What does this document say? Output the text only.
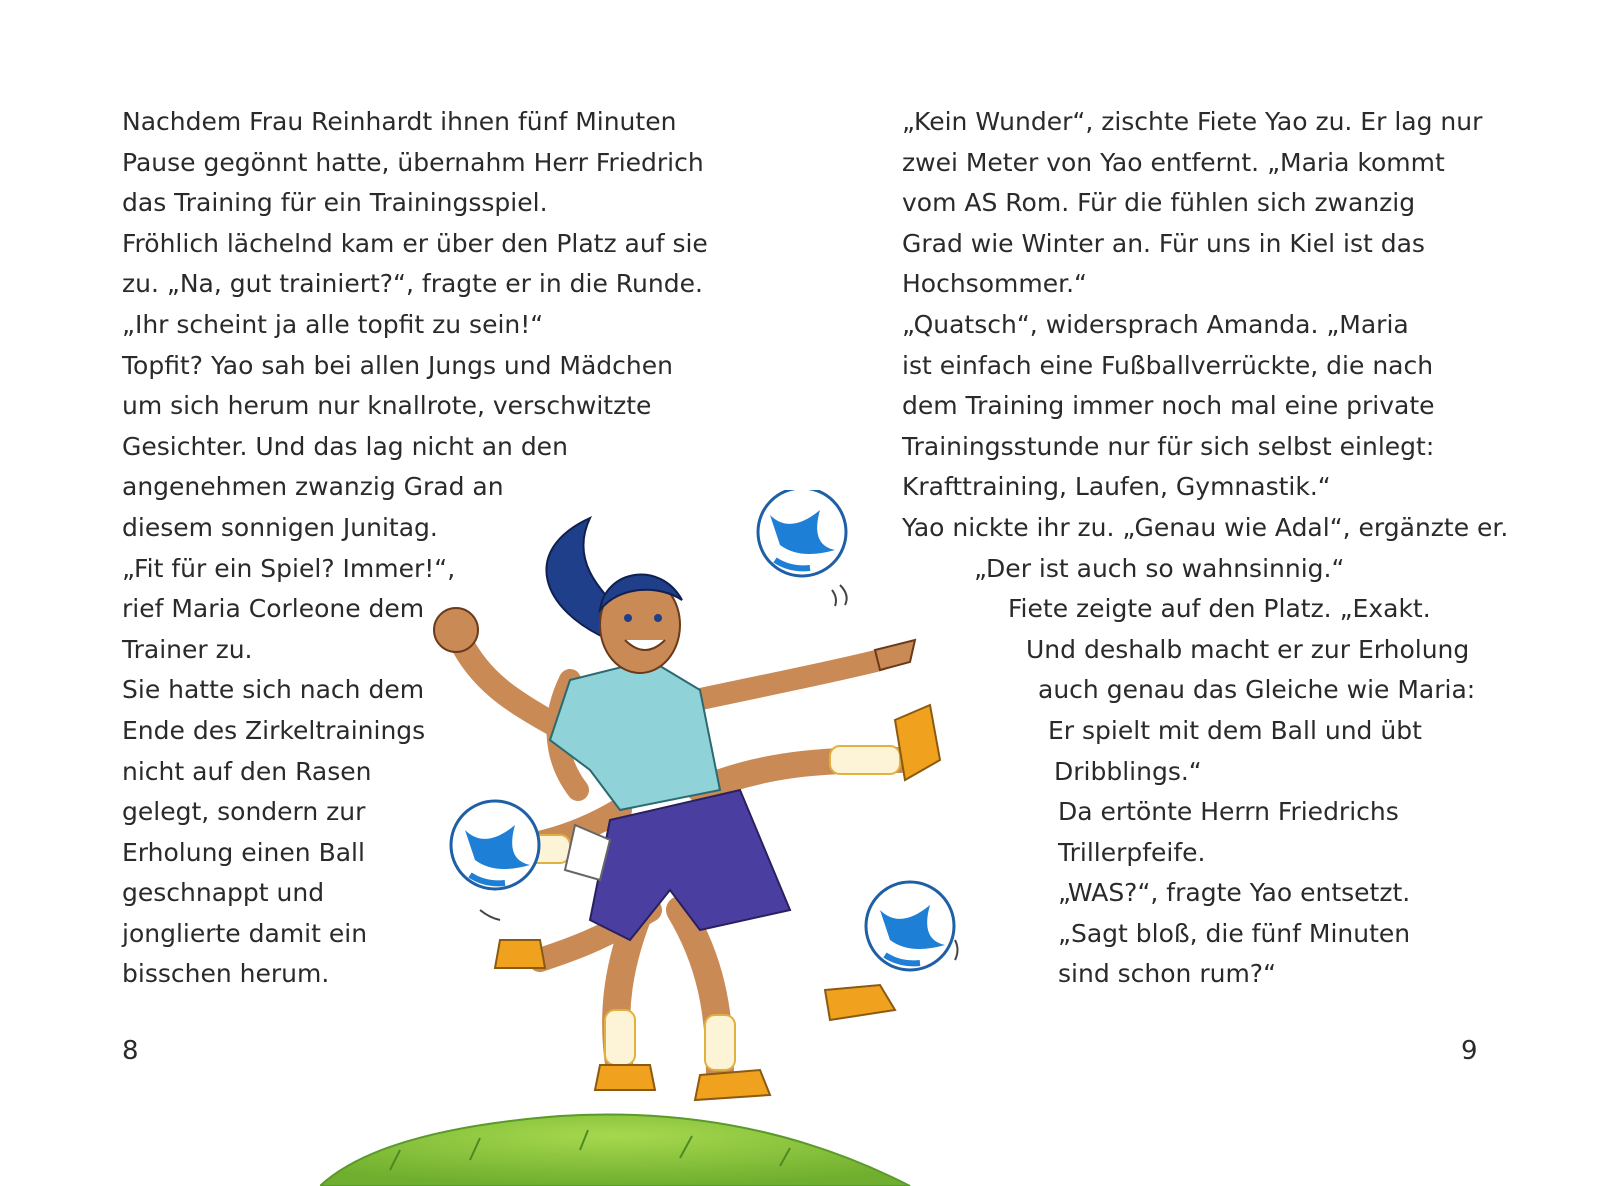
Nachdem Frau Reinhardt ihnen fünf Minuten
Pause gegönnt hatte, übernahm Herr Friedrich
das Training für ein Trainingsspiel.
Fröhlich lächelnd kam er über den Platz auf sie
zu. „Na, gut trainiert?“, fragte er in die Runde.
„Ihr scheint ja alle topfit zu sein!“
Topfit? Yao sah bei allen Jungs und Mädchen
um sich herum nur knallrote, verschwitzte
Gesichter. Und das lag nicht an den
angenehmen zwanzig Grad an
diesem sonnigen Junitag.
„Fit für ein Spiel? Immer!“,
rief Maria Corleone dem
Trainer zu.
Sie hatte sich nach dem
Ende des Zirkeltrainings
nicht auf den Rasen
gelegt, sondern zur
Erholung einen Ball
geschnappt und
jonglierte damit ein
bisschen herum.
„Kein Wunder“, zischte Fiete Yao zu. Er lag nur
zwei Meter von Yao entfernt. „Maria kommt
vom AS Rom. Für die fühlen sich zwanzig
Grad wie Winter an. Für uns in Kiel ist das
Hochsommer.“
„Quatsch“, widersprach Amanda. „Maria
ist einfach eine Fußballverrückte, die nach
dem Training immer noch mal eine private
Trainingsstunde nur für sich selbst einlegt:
Krafttraining, Laufen, Gymnastik.“
Yao nickte ihr zu. „Genau wie Adal“, ergänzte er.
„Der ist auch so wahnsinnig.“
Fiete zeigte auf den Platz. „Exakt.
Und deshalb macht er zur Erholung
auch genau das Gleiche wie Maria:
Er spielt mit dem Ball und übt
Dribblings.“
Da ertönte Herrn Friedrichs
Trillerpfeife.
„WAS?“, fragte Yao entsetzt.
„Sagt bloß, die fünf Minuten
sind schon rum?“
8	9
